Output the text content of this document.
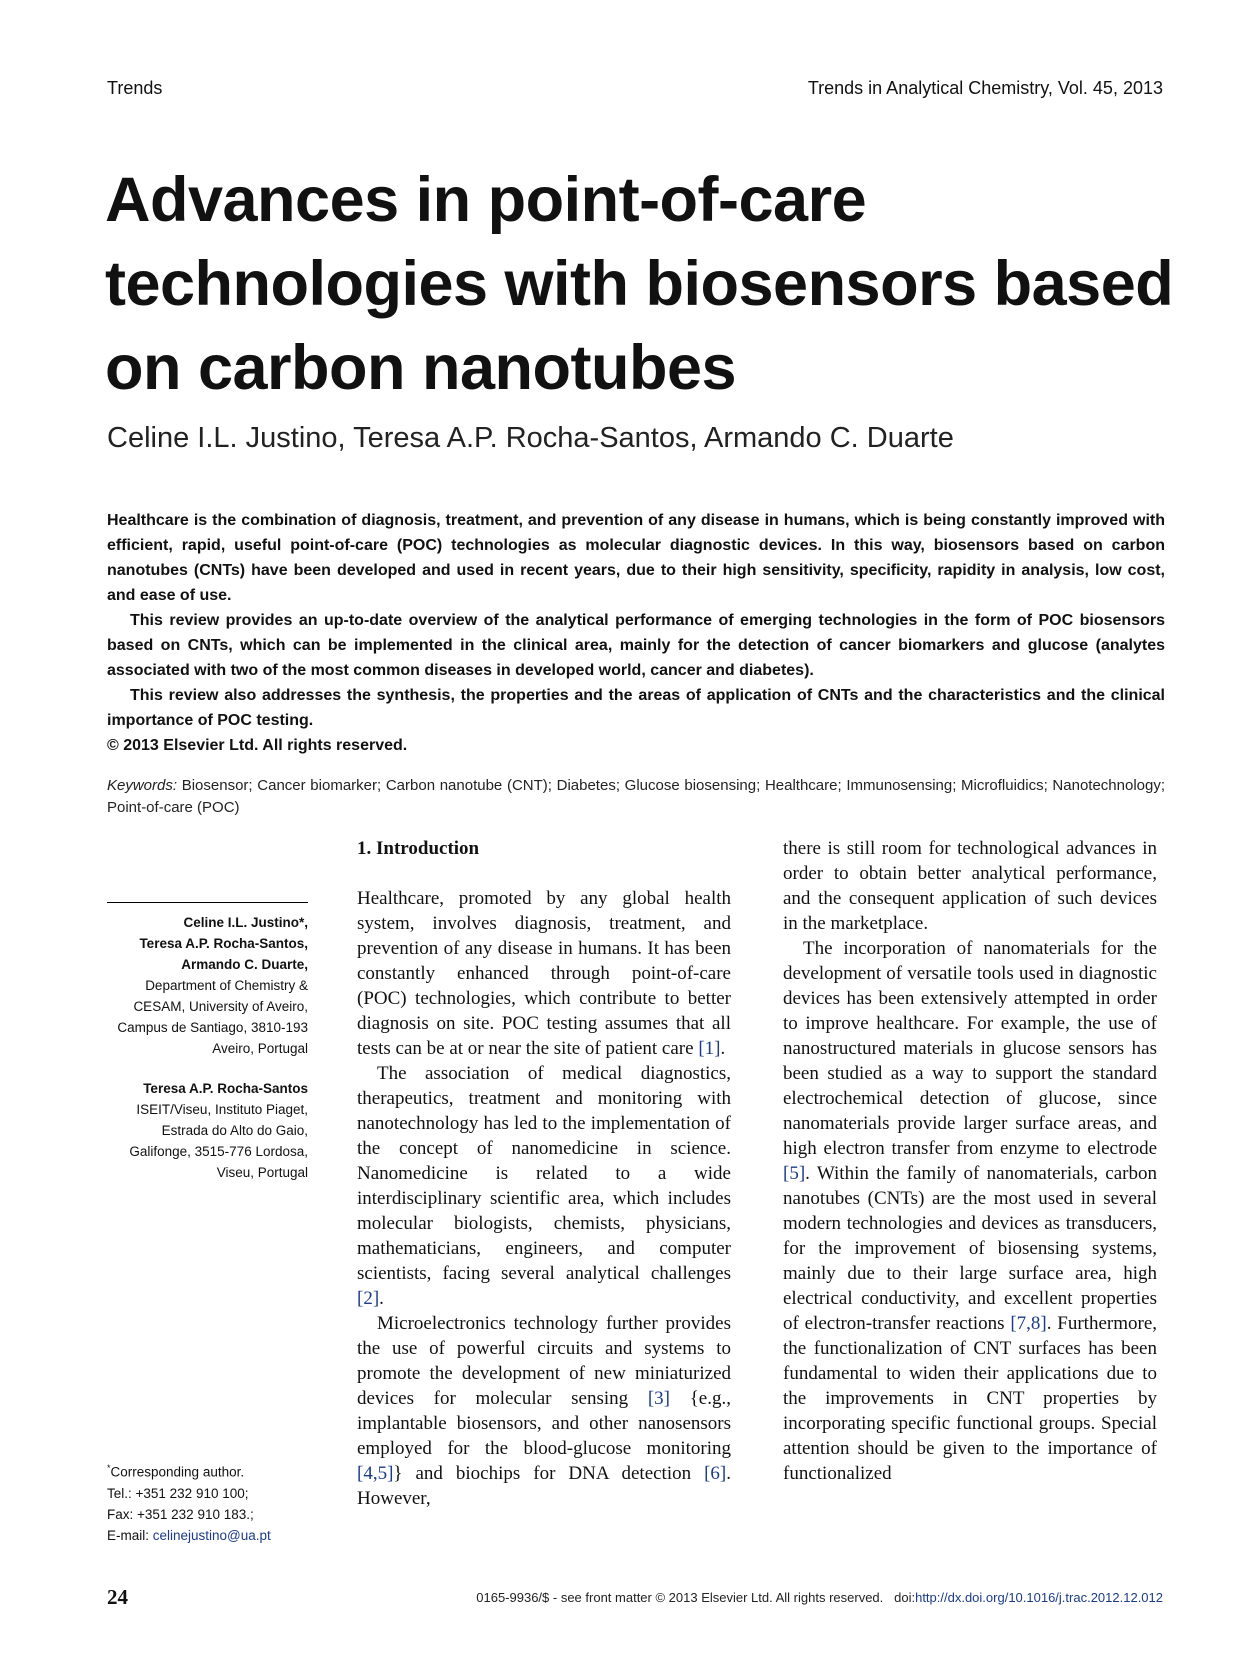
Trends	Trends in Analytical Chemistry, Vol. 45, 2013
Advances in point-of-care
technologies with biosensors based
on carbon nanotubes
Celine I.L. Justino, Teresa A.P. Rocha-Santos, Armando C. Duarte

Healthcare is the combination of diagnosis, treatment, and prevention of any disease in humans, which is being constantly improved with efficient, rapid, useful point-of-care (POC) technologies as molecular diagnostic devices. In this way, biosensors based on carbon nanotubes (CNTs) have been developed and used in recent years, due to their high sensitivity, specificity, rapidity in analysis, low cost, and ease of use.

This review provides an up-to-date overview of the analytical performance of emerging technologies in the form of POC biosensors based on CNTs, which can be implemented in the clinical area, mainly for the detection of cancer biomarkers and glucose (analytes associated with two of the most common diseases in developed world, cancer and diabetes).

This review also addresses the synthesis, the properties and the areas of application of CNTs and the characteristics and the clinical importance of POC testing.

© 2013 Elsevier Ltd. All rights reserved.

Keywords: Biosensor; Cancer biomarker; Carbon nanotube (CNT); Diabetes; Glucose biosensing; Healthcare; Immunosensing; Microfluidics; Nanotechnology; Point-of-care (POC)
Celine I.L. Justino*,
Teresa A.P. Rocha-Santos,
Armando C. Duarte,
Department of Chemistry &
CESAM, University of Aveiro,
Campus de Santiago, 3810-193
Aveiro, Portugal
Teresa A.P. Rocha-Santos
ISEIT/Viseu, Instituto Piaget,
Estrada do Alto do Gaio,
Galifonge, 3515-776 Lordosa,
Viseu, Portugal
*Corresponding author.
Tel.: +351 232 910 100;
Fax: +351 232 910 183.;
E-mail: celinejustino@ua.pt
1. Introduction

Healthcare, promoted by any global health system, involves diagnosis, treatment, and prevention of any disease in humans. It has been constantly enhanced through point-of-care (POC) technologies, which contribute to better diagnosis on site. POC testing assumes that all tests can be at or near the site of patient care [1].

The association of medical diagnostics, therapeutics, treatment and monitoring with nanotechnology has led to the implementation of the concept of nanomedicine in science. Nanomedicine is related to a wide interdisciplinary scientific area, which includes molecular biologists, chemists, physicians, mathematicians, engineers, and computer scientists, facing several analytical challenges [2].

Microelectronics technology further provides the use of powerful circuits and systems to promote the development of new miniaturized devices for molecular sensing [3] {e.g., implantable biosensors, and other nanosensors employed for the blood-glucose monitoring [4,5]} and biochips for DNA detection [6]. However,

there is still room for technological advances in order to obtain better analytical performance, and the consequent application of such devices in the marketplace.

The incorporation of nanomaterials for the development of versatile tools used in diagnostic devices has been extensively attempted in order to improve healthcare. For example, the use of nanostructured materials in glucose sensors has been studied as a way to support the standard electrochemical detection of glucose, since nanomaterials provide larger surface areas, and high electron transfer from enzyme to electrode [5]. Within the family of nanomaterials, carbon nanotubes (CNTs) are the most used in several modern technologies and devices as transducers, for the improvement of biosensing systems, mainly due to their large surface area, high electrical conductivity, and excellent properties of electron-transfer reactions [7,8]. Furthermore, the functionalization of CNT surfaces has been fundamental to widen their applications due to the improvements in CNT properties by incorporating specific functional groups. Special attention should be given to the importance of functionalized

24	0165-9936/$ - see front matter © 2013 Elsevier Ltd. All rights reserved. doi:http://dx.doi.org/10.1016/j.trac.2012.12.012
